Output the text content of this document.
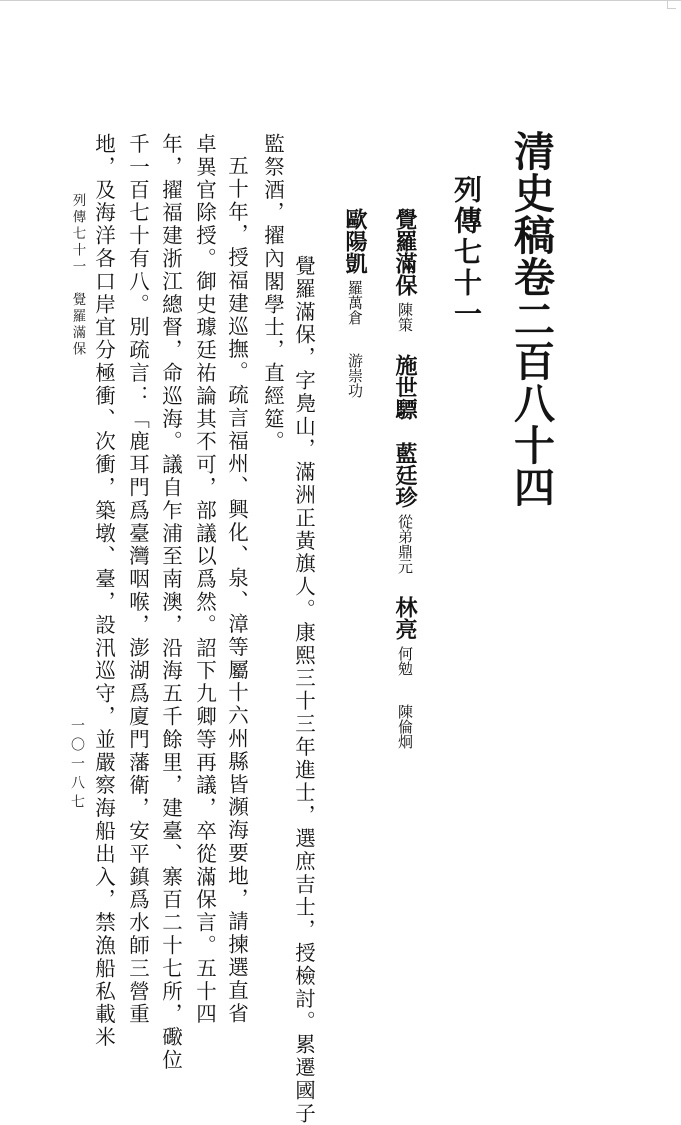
清史稿卷二百八十四
列傳七十一
覺羅滿保陳策施世驃藍廷珍從弟鼎元林亮何勉陳倫炯
歐陽凱羅萬倉游崇功
覺羅滿保，字鳧山，滿洲正黃旗人。康熙三十三年進士，選庶吉士，授檢討。累遷國子
監祭酒，擢內閣學士，直經筵。
五十年，授福建巡撫。疏言福州、興化、泉、漳等屬十六州縣皆瀕海要地，請揀選直省
卓異官除授。御史璩廷祐論其不可，部議以爲然。詔下九卿等再議，卒從滿保言。五十四
年，擢福建浙江總督，命巡海。議自乍浦至南澳，沿海五千餘里，建臺、寨百二十七所，礮位
千一百七十有八。別疏言：「鹿耳門爲臺灣咽喉，澎湖爲廈門藩衛，安平鎮爲水師三營重
地，及海洋各口岸宜分極衝、次衝，築墩、臺，設汛巡守，並嚴察海船出入，禁漁船私載米
列傳七十一　覺羅滿保
一〇一八七
